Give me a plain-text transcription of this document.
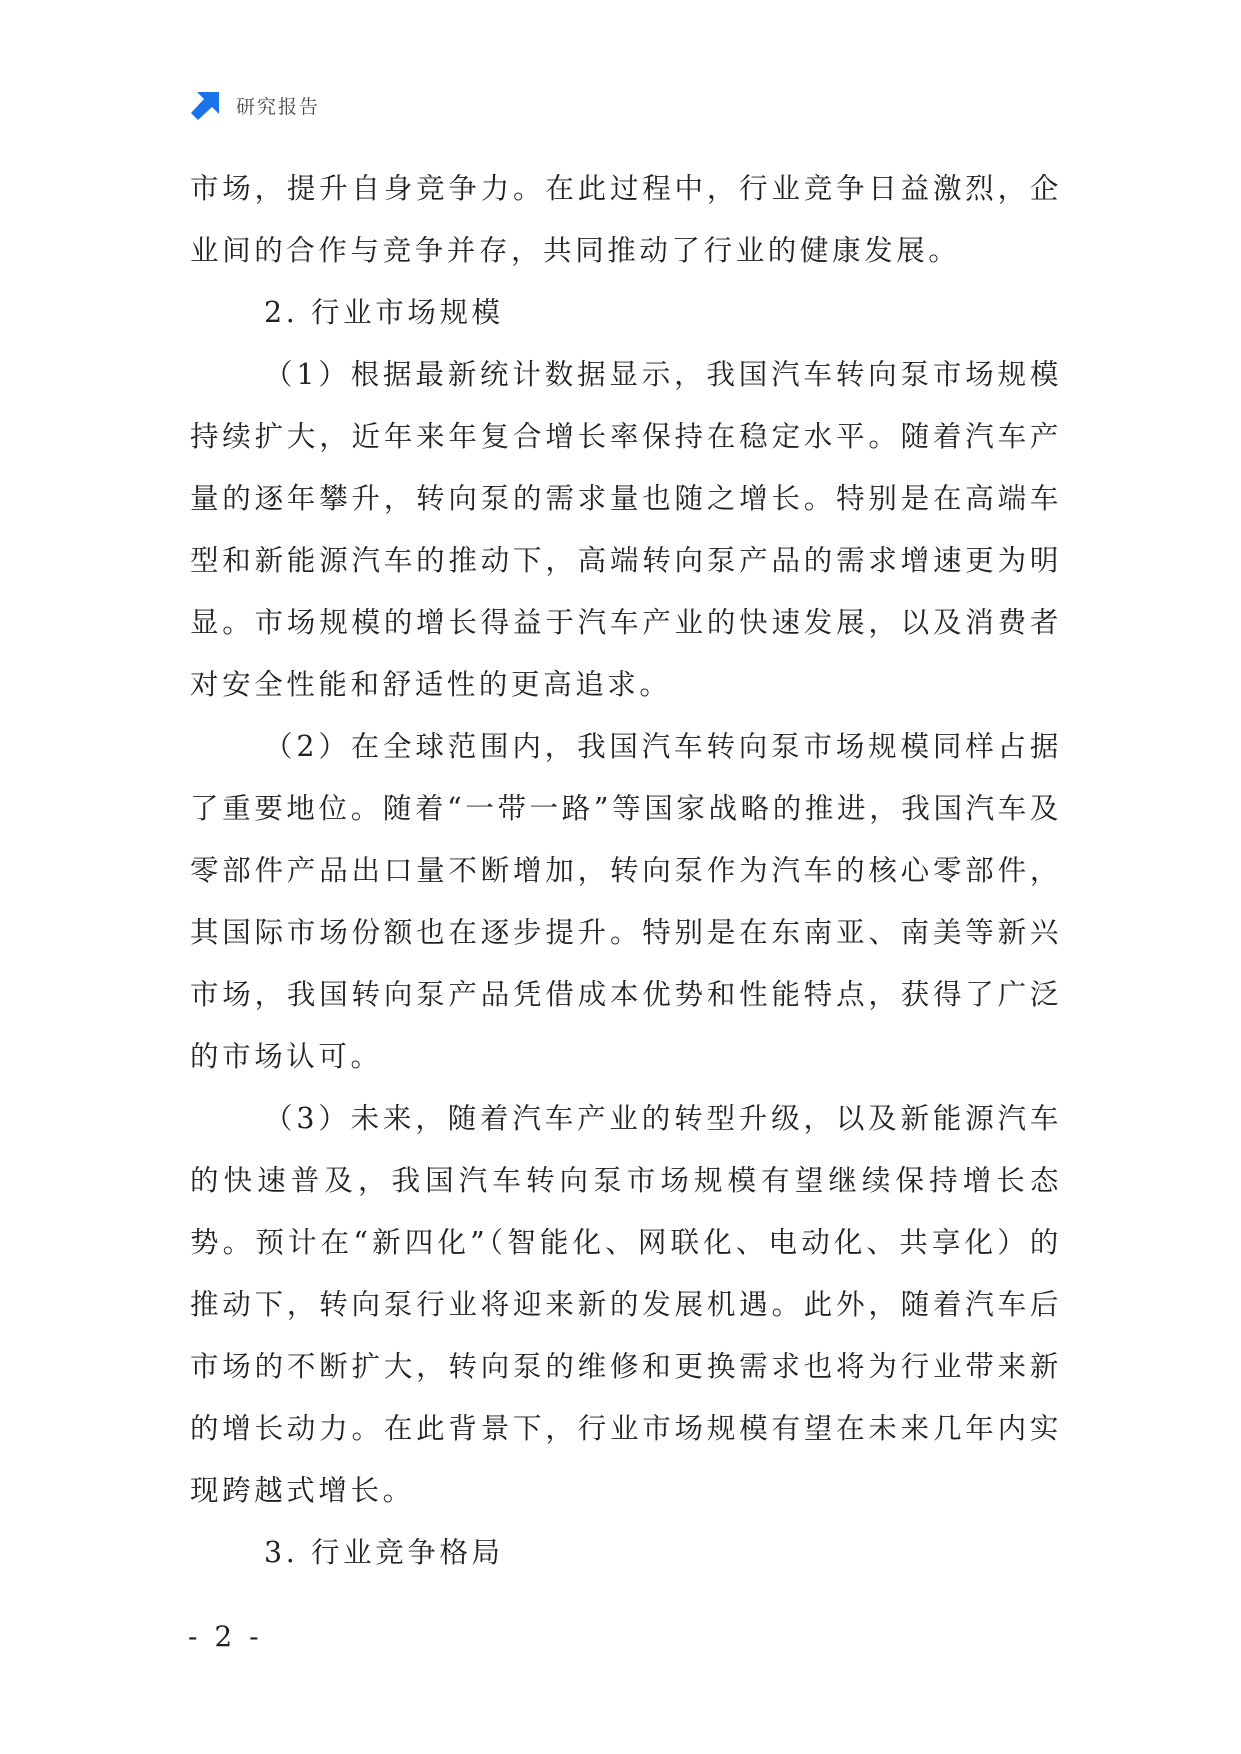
研究报告

市场，提升自身竞争力。在此过程中，行业竞争日益激烈，企业间的合作与竞争并存，共同推动了行业的健康发展。

2. 行业市场规模

（1）根据最新统计数据显示，我国汽车转向泵市场规模持续扩大，近年来年复合增长率保持在稳定水平。随着汽车产量的逐年攀升，转向泵的需求量也随之增长。特别是在高端车型和新能源汽车的推动下，高端转向泵产品的需求增速更为明显。市场规模的增长得益于汽车产业的快速发展，以及消费者对安全性能和舒适性的更高追求。

（2）在全球范围内，我国汽车转向泵市场规模同样占据了重要地位。随着“一带一路”等国家战略的推进，我国汽车及零部件产品出口量不断增加，转向泵作为汽车的核心零部件，其国际市场份额也在逐步提升。特别是在东南亚、南美等新兴市场，我国转向泵产品凭借成本优势和性能特点，获得了广泛的市场认可。

（3）未来，随着汽车产业的转型升级，以及新能源汽车的快速普及，我国汽车转向泵市场规模有望继续保持增长态势。预计在“新四化”（智能化、网联化、电动化、共享化）的推动下，转向泵行业将迎来新的发展机遇。此外，随着汽车后市场的不断扩大，转向泵的维修和更换需求也将为行业带来新的增长动力。在此背景下，行业市场规模有望在未来几年内实现跨越式增长。

3. 行业竞争格局

- 2 -
